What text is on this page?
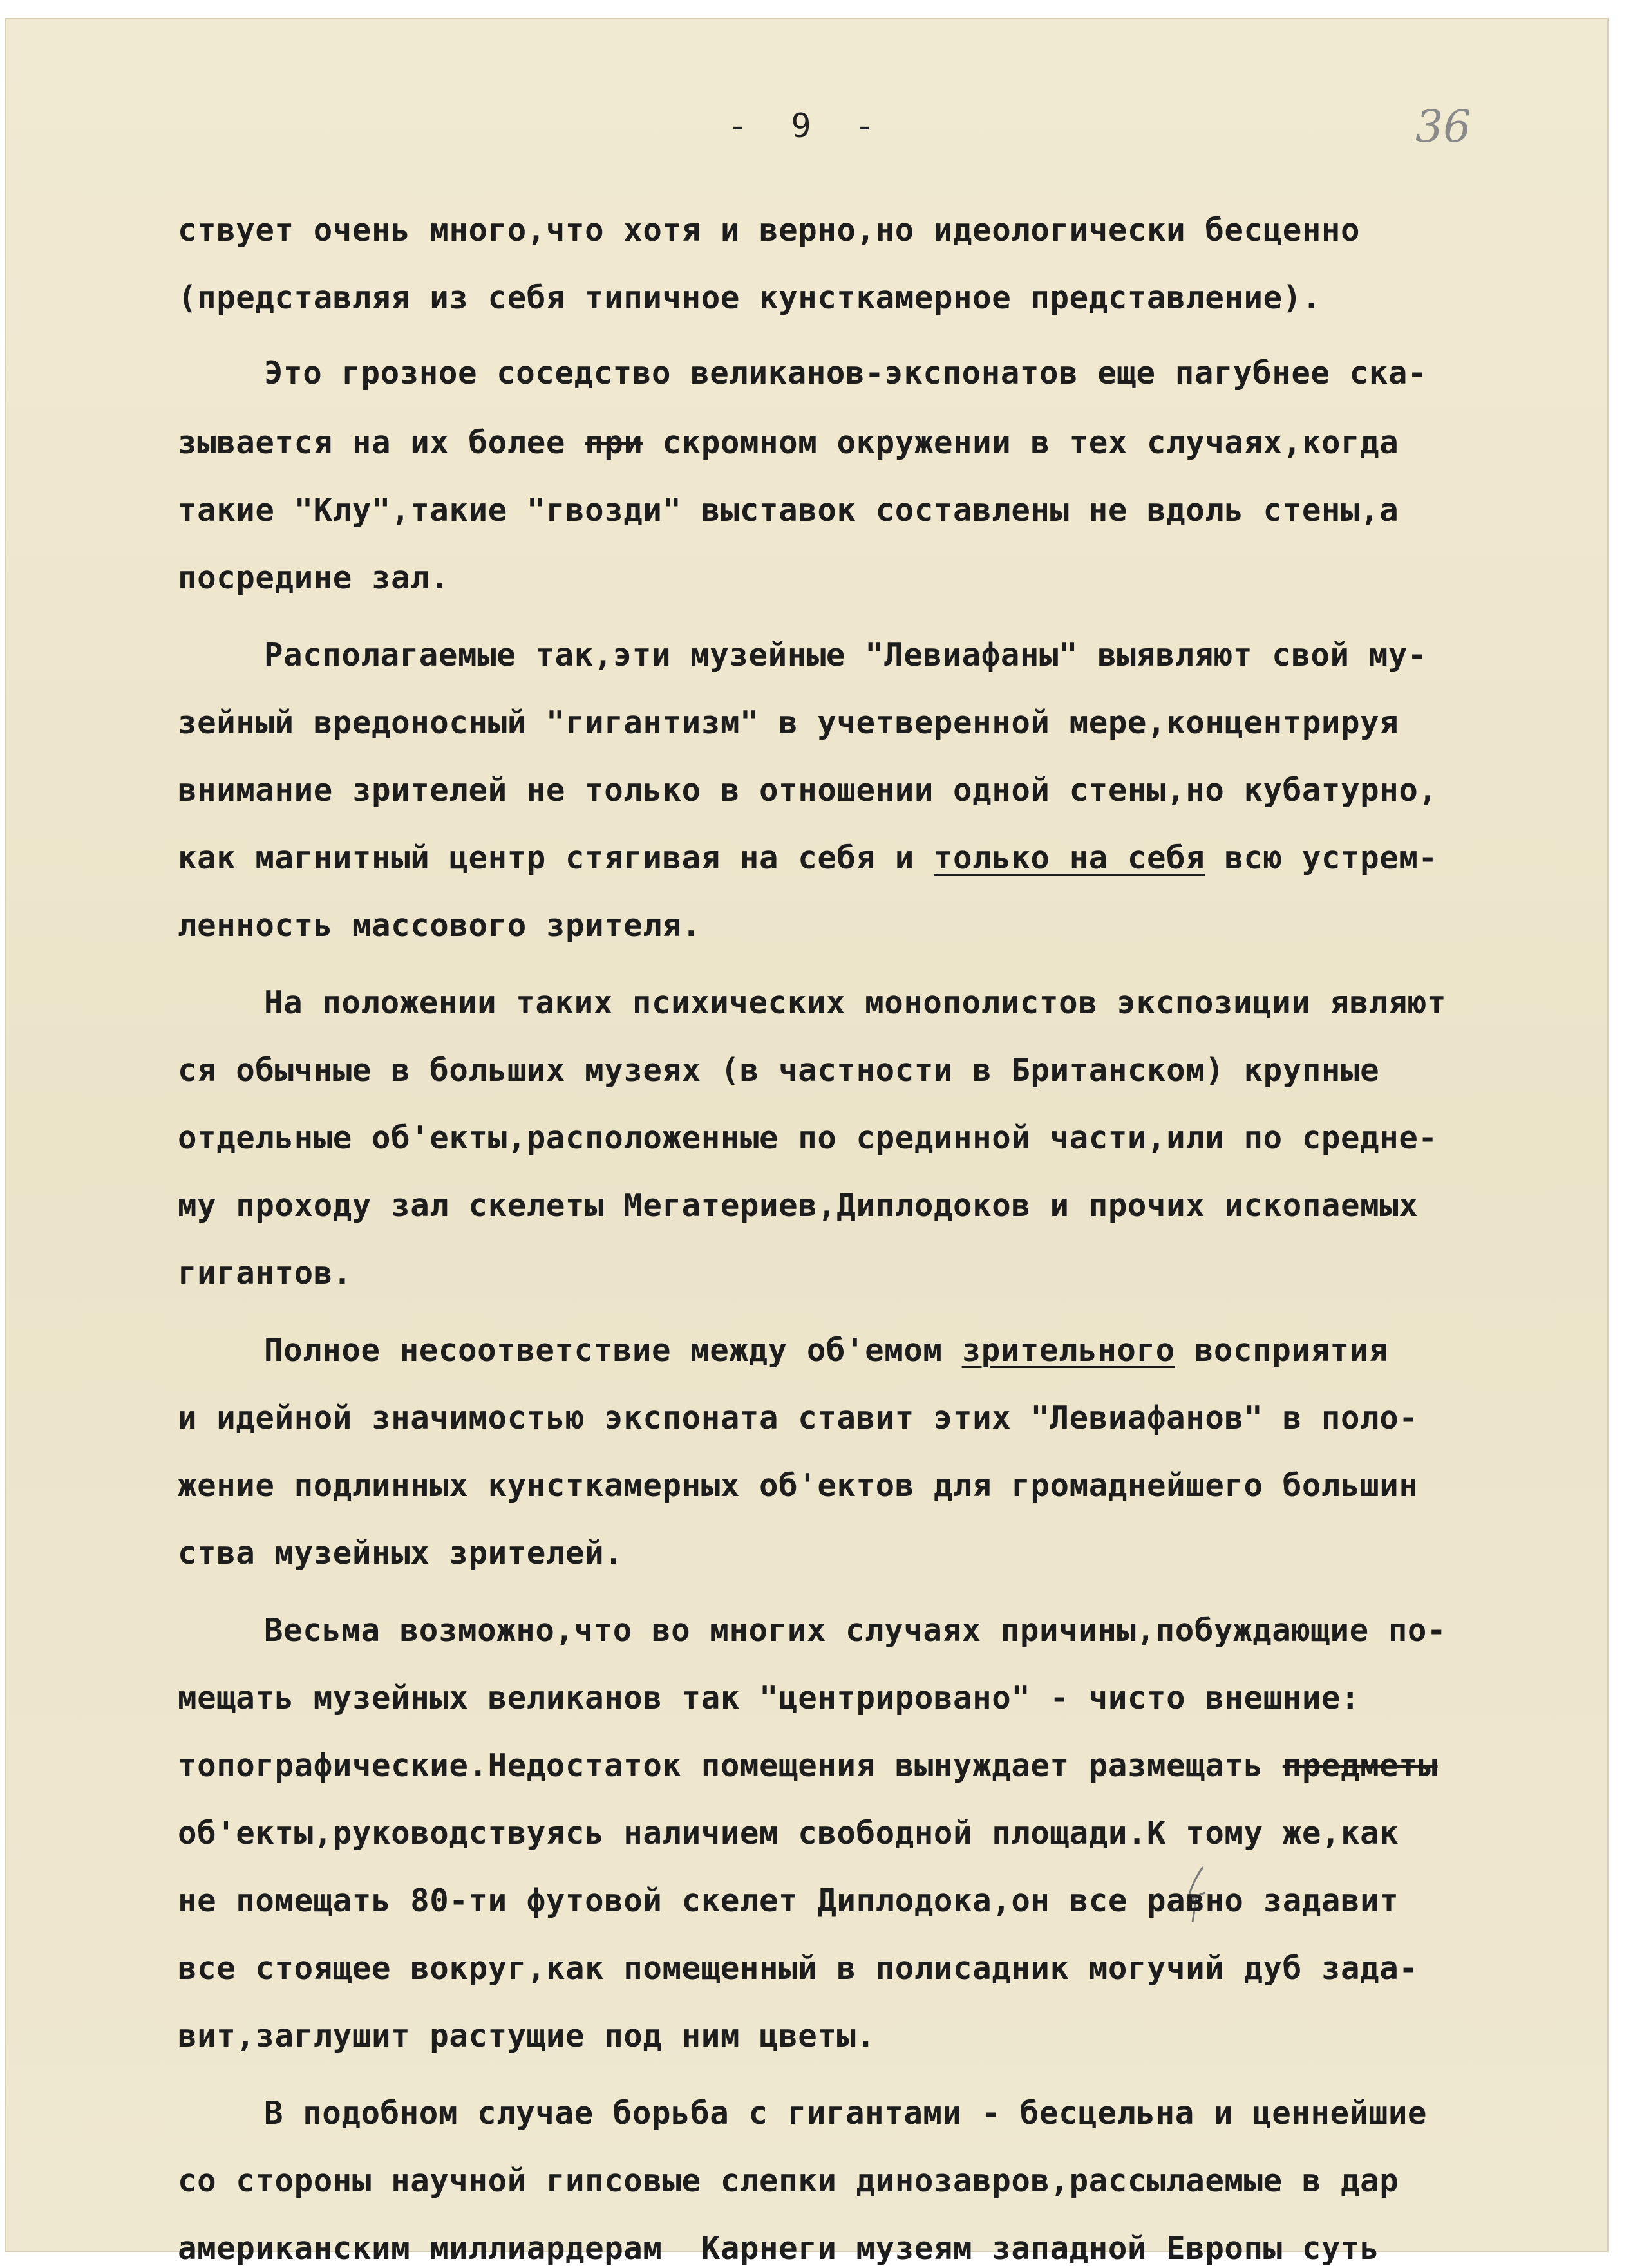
- 9 -	36
ствует очень много,что хотя и верно,но идеологически бесценно
(представляя из себя типичное кунсткамерное представление).
Это грозное соседство великанов-экспонатов еще пагубнее ска-
зывается на их более при скромном окружении в тех случаях,когда
такие "Клу",такие "гвозди" выставок составлены не вдоль стены,а
посредине зал.
Располагаемые так,эти музейные "Левиафаны" выявляют свой му-
зейный вредоносный "гигантизм" в учетверенной мере,концентрируя
внимание зрителей не только в отношении одной стены,но кубатурно,
как магнитный центр стягивая на себя и только на себя всю устрем-
ленность массового зрителя.
На положении таких психических монополистов экспозиции являют
ся обычные в больших музеях (в частности в Британском) крупные
отдельные об'екты,расположенные по срединной части,или по средне-
му проходу зал скелеты Мегатериев,Диплодоков и прочих ископаемых
гигантов.
Полное несоответствие между об'емом зрительного восприятия
и идейной значимостью экспоната ставит этих "Левиафанов" в поло-
жение подлинных кунсткамерных об'ектов для громаднейшего большин
ства музейных зрителей.
Весьма возможно,что во многих случаях причины,побуждающие по-
мещать музейных великанов так "центрировано" - чисто внешние:
топографические.Недостаток помещения вынуждает размещать предметы
об'екты,руководствуясь наличием свободной площади.К тому же,как
не помещать 80-ти футовой скелет Диплодока,он все равно задавит
все стоящее вокруг,как помещенный в полисадник могучий дуб зада-
вит,заглушит растущие под ним цветы.
В подобном случае борьба с гигантами - бесцельна и ценнейшие
со стороны научной гипсовые слепки динозавров,рассылаемые в дар
американским миллиардерам  Карнеги музеям западной Европы суть
